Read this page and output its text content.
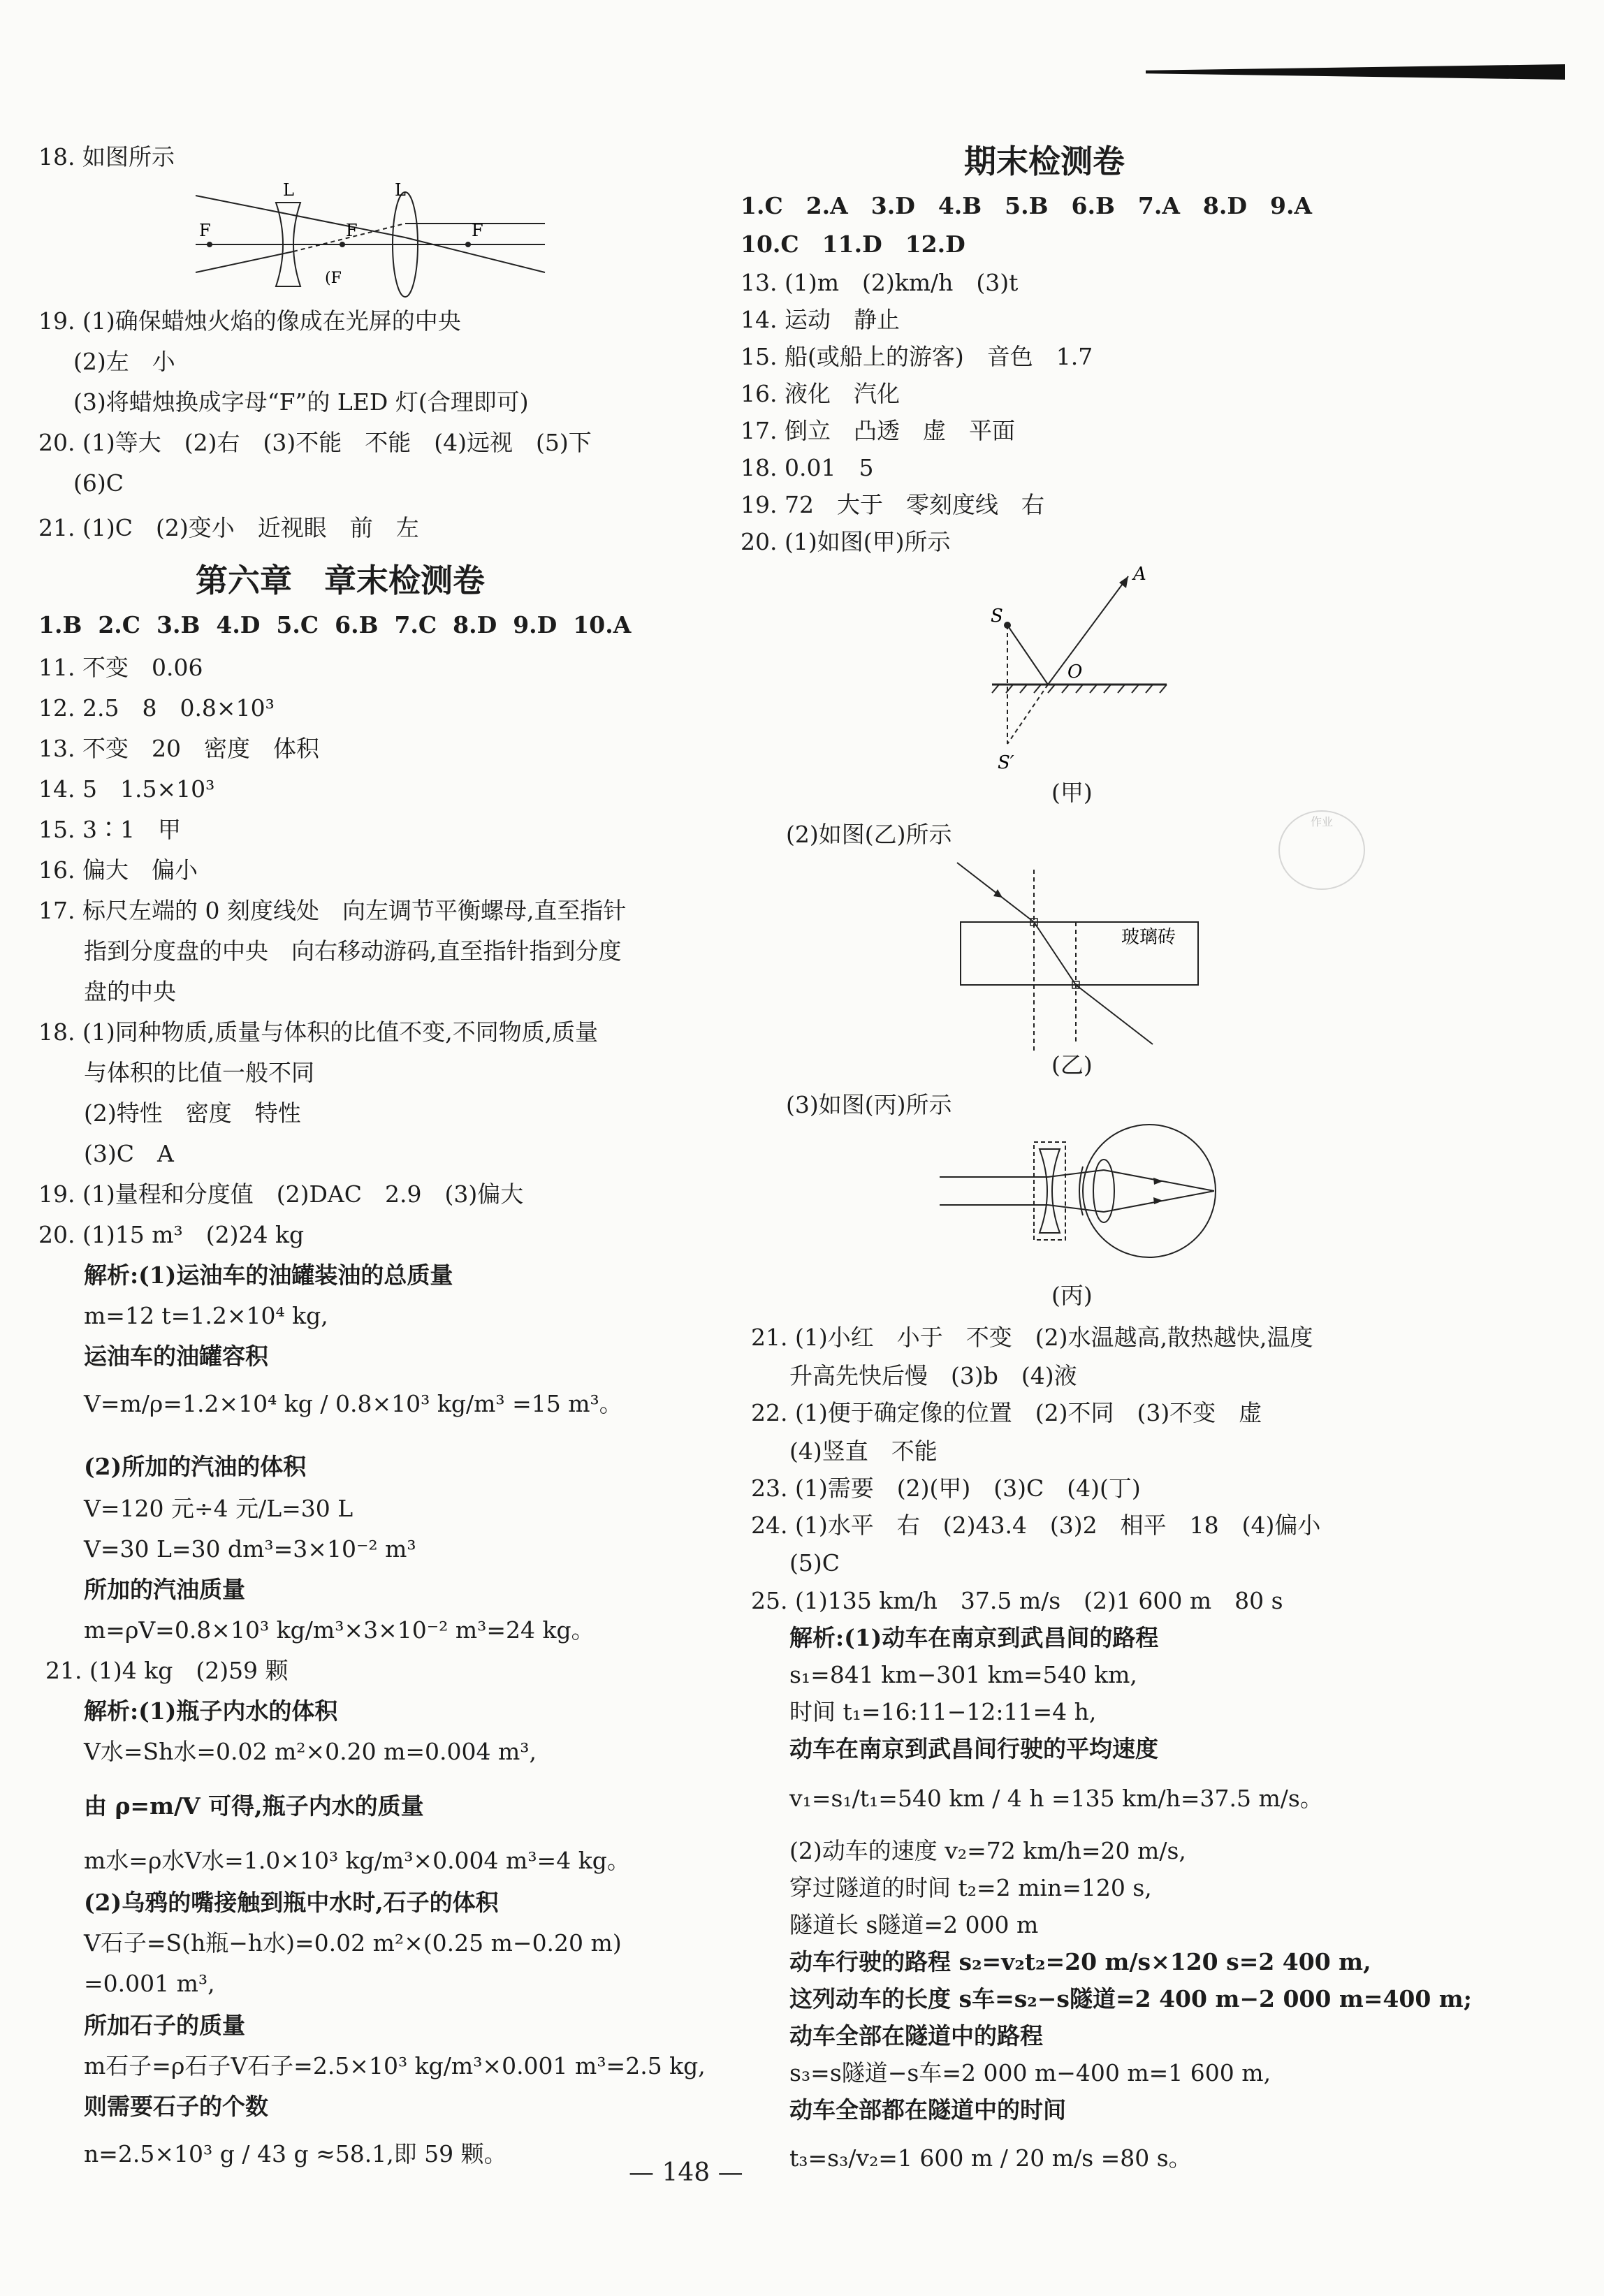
18. 如图所示
L	L
F	F	F
(F
19. (1)确保蜡烛火焰的像成在光屏的中央
(2)左　小
(3)将蜡烛换成字母“F”的 LED 灯(合理即可)
20. (1)等大　(2)右　(3)不能　不能　(4)远视　(5)下
(6)C
21. (1)C　(2)变小　近视眼　前　左
第六章　章末检测卷
1.B 2.C 3.B 4.D 5.C 6.B 7.C 8.D 9.D 10.A
11. 不变　0.06
12. 2.5　8　0.8×10³
13. 不变　20　密度　体积
14. 5　1.5×10³
15. 3∶1　甲
16. 偏大　偏小
17. 标尺左端的 0 刻度线处　向左调节平衡螺母,直至指针
指到分度盘的中央　向右移动游码,直至指针指到分度
盘的中央
18. (1)同种物质,质量与体积的比值不变,不同物质,质量
与体积的比值一般不同
(2)特性　密度　特性
(3)C　A
19. (1)量程和分度值　(2)DAC　2.9　(3)偏大
20. (1)15 m³　(2)24 kg
解析:(1)运油车的油罐装油的总质量
m=12 t=1.2×10⁴ kg,
运油车的油罐容积
V=m/ρ=1.2×10⁴ kg / 0.8×10³ kg/m³ =15 m³。
(2)所加的汽油的体积
V=120 元÷4 元/L=30 L
V=30 L=30 dm³=3×10⁻² m³
所加的汽油质量
m=ρV=0.8×10³ kg/m³×3×10⁻² m³=24 kg。
21. (1)4 kg　(2)59 颗
解析:(1)瓶子内水的体积
V水=Sh水=0.02 m²×0.20 m=0.004 m³,
由 ρ=m/V 可得,瓶子内水的质量
m水=ρ水V水=1.0×10³ kg/m³×0.004 m³=4 kg。
(2)乌鸦的嘴接触到瓶中水时,石子的体积
V石子=S(h瓶−h水)=0.02 m²×(0.25 m−0.20 m)
=0.001 m³,
所加石子的质量
m石子=ρ石子V石子=2.5×10³ kg/m³×0.001 m³=2.5 kg,
则需要石子的个数
n=2.5×10³ g / 43 g ≈58.1,即 59 颗。
期末检测卷
1.C　2.A　3.D　4.B　5.B　6.B　7.A　8.D　9.A
10.C　11.D　12.D
13. (1)m　(2)km/h　(3)t
14. 运动　静止
15. 船(或船上的游客)　音色　1.7
16. 液化　汽化
17. 倒立　凸透　虚　平面
18. 0.01　5
19. 72　大于　零刻度线　右
20. (1)如图(甲)所示
S
A
O
S′
(甲)
(2)如图(乙)所示
玻璃砖
(乙)
(3)如图(丙)所示
(丙)
21. (1)小红　小于　不变　(2)水温越高,散热越快,温度
升高先快后慢　(3)b　(4)液
22. (1)便于确定像的位置　(2)不同　(3)不变　虚
(4)竖直　不能
23. (1)需要　(2)(甲)　(3)C　(4)(丁)
24. (1)水平　右　(2)43.4　(3)2　相平　18　(4)偏小
(5)C
25. (1)135 km/h　37.5 m/s　(2)1 600 m　80 s
解析:(1)动车在南京到武昌间的路程
s₁=841 km−301 km=540 km,
时间 t₁=16:11−12:11=4 h,
动车在南京到武昌间行驶的平均速度
v₁=s₁/t₁=540 km / 4 h =135 km/h=37.5 m/s。
(2)动车的速度 v₂=72 km/h=20 m/s,
穿过隧道的时间 t₂=2 min=120 s,
隧道长 s隧道=2 000 m
动车行驶的路程 s₂=v₂t₂=20 m/s×120 s=2 400 m,
这列动车的长度 s车=s₂−s隧道=2 400 m−2 000 m=400 m;
动车全部在隧道中的路程
s₃=s隧道−s车=2 000 m−400 m=1 600 m,
动车全部都在隧道中的时间
t₃=s₃/v₂=1 600 m / 20 m/s =80 s。
作业
— 148 —
